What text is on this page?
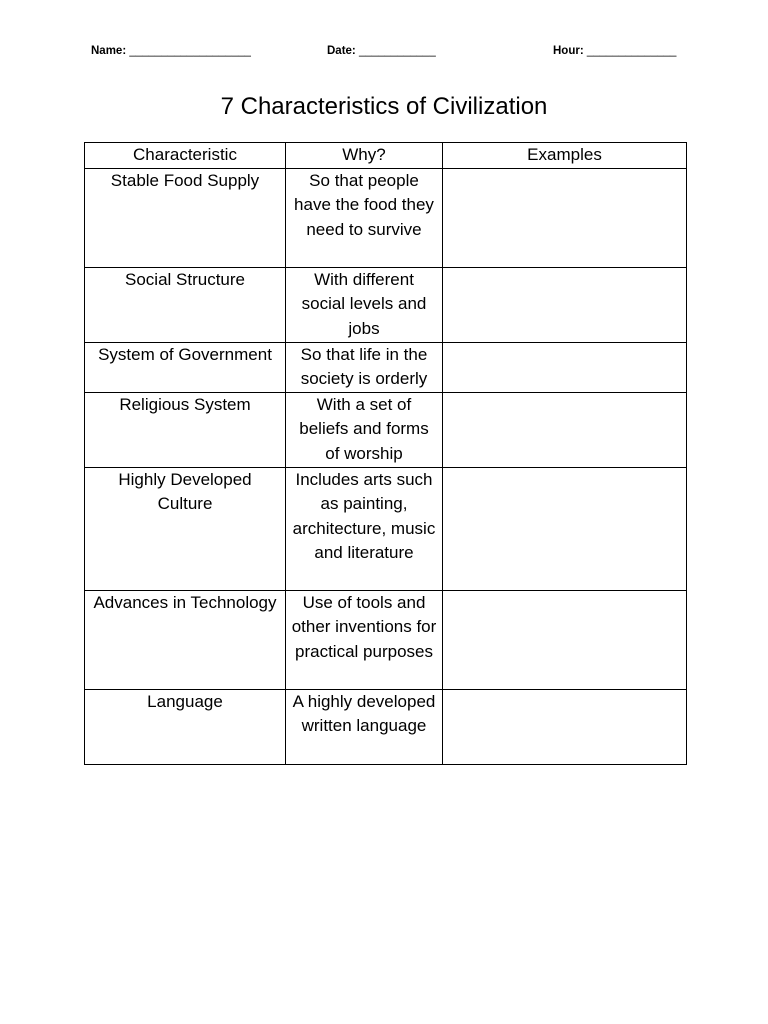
Name: ___________________	Date: ____________	Hour: ______________
7 Characteristics of Civilization
Characteristic	Why?	Examples
Stable Food Supply	So that people have the food they need to survive	
Social Structure	With different social levels and jobs	
System of Government	So that life in the society is orderly	
Religious System	With a set of beliefs and forms of worship	
Highly Developed Culture	Includes arts such as painting, architecture, music and literature	
Advances in Technology	Use of tools and other inventions for practical purposes	
Language	A highly developed written language	
